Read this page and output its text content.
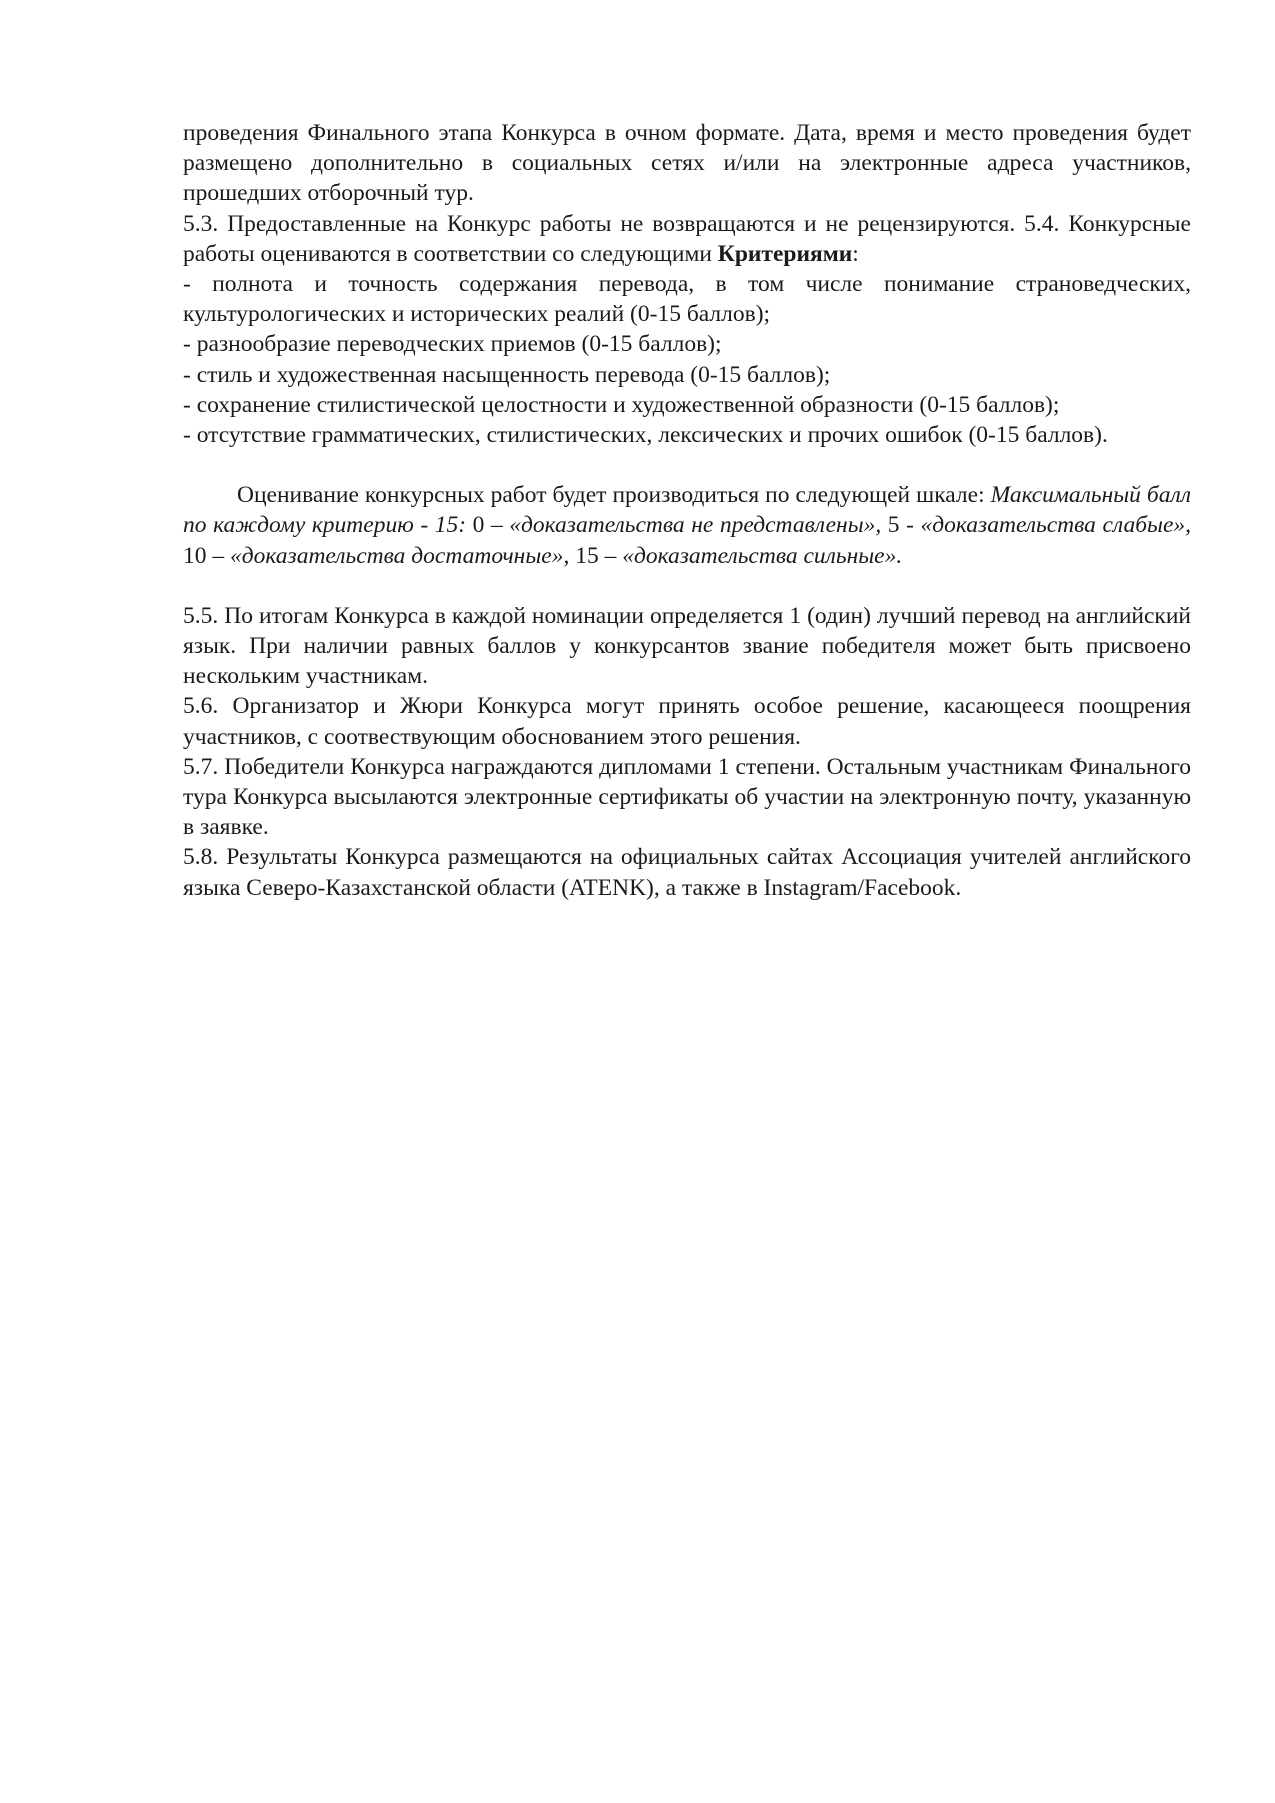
проведения Финального этапа Конкурса в очном формате. Дата, время и место проведения будет размещено дополнительно в социальных сетях и/или на электронные адреса участников, прошедших отборочный тур.

5.3. Предоставленные на Конкурс работы не возвращаются и не рецензируются. 5.4. Конкурсные работы оцениваются в соответствии со следующими Критериями:

- полнота и точность содержания перевода, в том числе понимание страноведческих, культурологических и исторических реалий (0-15 баллов);

- разнообразие переводческих приемов (0-15 баллов);

- стиль и художественная насыщенность перевода (0-15 баллов);

- сохранение стилистической целостности и художественной образности (0-15 баллов);

- отсутствие грамматических, стилистических, лексических и прочих ошибок (0-15 баллов).

Оценивание конкурсных работ будет производиться по следующей шкале: Максимальный балл по каждому критерию - 15: 0 – «доказательства не представлены», 5 - «доказательства слабые», 10 – «доказательства достаточные», 15 – «доказательства сильные».

5.5. По итогам Конкурса в каждой номинации определяется 1 (один) лучший перевод на английский язык. При наличии равных баллов у конкурсантов звание победителя может быть присвоено нескольким участникам.

5.6. Организатор и Жюри Конкурса могут принять особое решение, касающееся поощрения участников, с соотвествующим обоснованием этого решения.

5.7. Победители Конкурса награждаются дипломами 1 степени. Остальным участникам Финального тура Конкурса высылаются электронные сертификаты об участии на электронную почту, указанную в заявке.

5.8. Результаты Конкурса размещаются на официальных сайтах Ассоциация учителей английского языка Северо-Казахстанской области (ATENK), а также в Instagram/Facebook.
